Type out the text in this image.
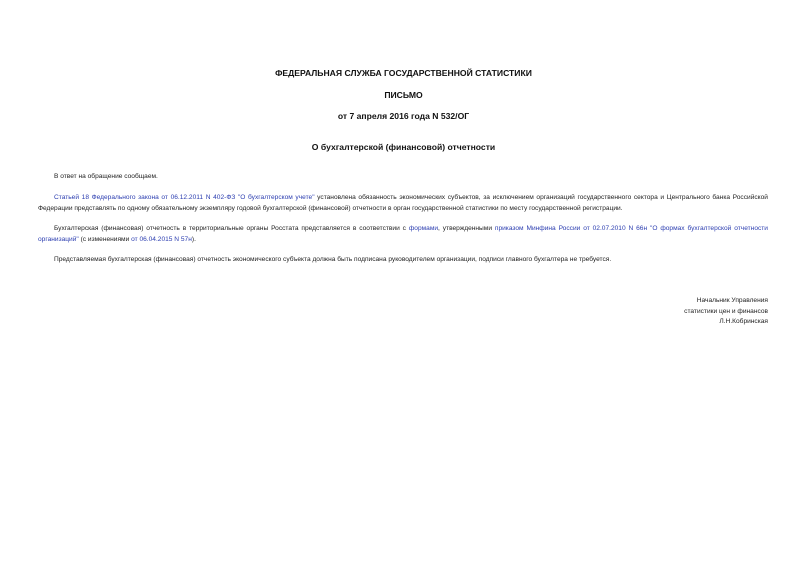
ФЕДЕРАЛЬНАЯ СЛУЖБА ГОСУДАРСТВЕННОЙ СТАТИСТИКИ
ПИСЬМО
от 7 апреля 2016 года N 532/ОГ
О бухгалтерской (финансовой) отчетности
В ответ на обращение сообщаем.
Статьей 18 Федерального закона от 06.12.2011 N 402-ФЗ "О бухгалтерском учете" установлена обязанность экономических субъектов, за исключением организаций государственного сектора и Центрального банка Российской Федерации представлять по одному обязательному экземпляру годовой бухгалтерской (финансовой) отчетности в орган государственной статистики по месту государственной регистрации.
Бухгалтерская (финансовая) отчетность в территориальные органы Росстата представляется в соответствии с формами, утвержденными приказом Минфина России от 02.07.2010 N 66н "О формах бухгалтерской отчетности организаций" (с изменениями от 06.04.2015 N 57н).
Представляемая бухгалтерская (финансовая) отчетность экономического субъекта должна быть подписана руководителем организации, подписи главного бухгалтера не требуется.
Начальник Управления
статистики цен и финансов
Л.Н.Кобринская
